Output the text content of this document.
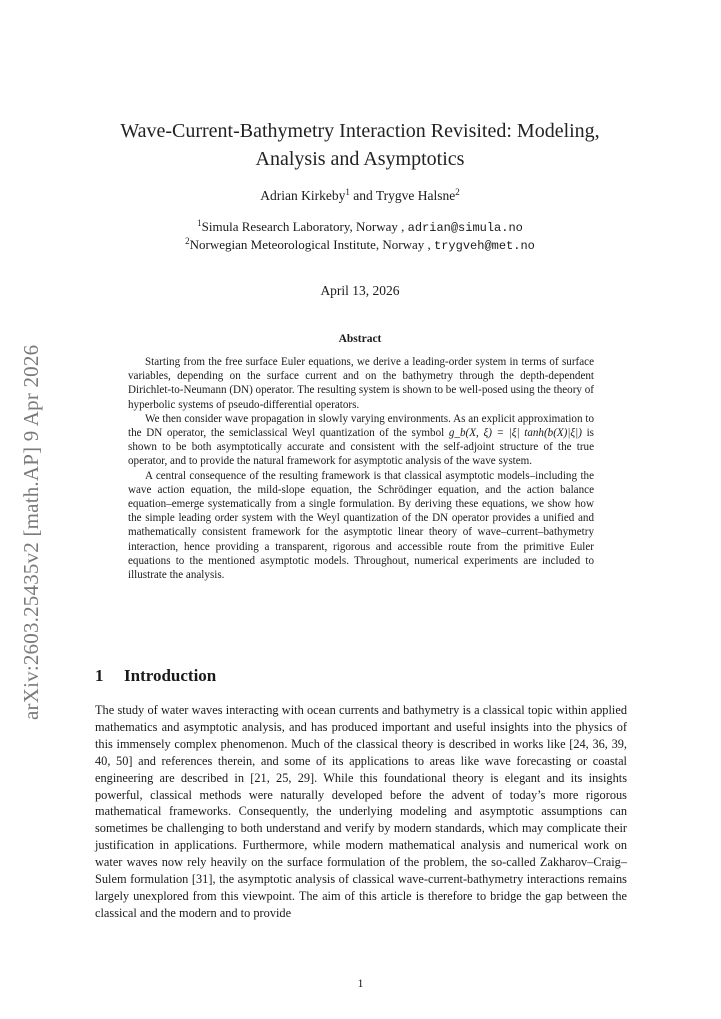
arXiv:2603.25435v2 [math.AP] 9 Apr 2026
Wave-Current-Bathymetry Interaction Revisited: Modeling,
Analysis and Asymptotics
Adrian Kirkeby$^1$ and Trygve Halsne$^2$
$^1$Simula Research Laboratory, Norway , adrian@simula.no
$^2$Norwegian Meteorological Institute, Norway , trygveh@met.no
April 13, 2026
Abstract

Starting from the free surface Euler equations, we derive a leading-order system in terms of surface variables, depending on the surface current and on the bathymetry through the depth-dependent Dirichlet-to-Neumann (DN) operator. The resulting system is shown to be well-posed using the theory of hyperbolic systems of pseudo-differential operators.

We then consider wave propagation in slowly varying environments. As an explicit approximation to the DN operator, the semiclassical Weyl quantization of the symbol g_b(X, ξ) = |ξ| tanh(b(X)|ξ|) is shown to be both asymptotically accurate and consistent with the self-adjoint structure of the true operator, and to provide the natural framework for asymptotic analysis of the wave system.

A central consequence of the resulting framework is that classical asymptotic models–including the wave action equation, the mild-slope equation, the Schrödinger equation, and the action balance equation–emerge systematically from a single formulation. By deriving these equations, we show how the simple leading order system with the Weyl quantization of the DN operator provides a unified and mathematically consistent framework for the asymptotic linear theory of wave–current–bathymetry interaction, hence providing a transparent, rigorous and accessible route from the primitive Euler equations to the mentioned asymptotic models. Throughout, numerical experiments are included to illustrate the analysis.

1 Introduction

The study of water waves interacting with ocean currents and bathymetry is a classical topic within applied mathematics and asymptotic analysis, and has produced important and useful insights into the physics of this immensely complex phenomenon. Much of the classical theory is described in works like [24, 36, 39, 40, 50] and references therein, and some of its applications to areas like wave forecasting or coastal engineering are described in [21, 25, 29]. While this foundational theory is elegant and its insights powerful, classical methods were naturally developed before the advent of today’s more rigorous mathematical frameworks. Consequently, the underlying modeling and asymptotic assumptions can sometimes be challenging to both understand and verify by modern standards, which may complicate their justification in applications. Furthermore, while modern mathematical analysis and numerical work on water waves now rely heavily on the surface formulation of the problem, the so-called Zakharov–Craig–Sulem formulation [31], the asymptotic analysis of classical wave-current-bathymetry interactions remains largely unexplored from this viewpoint. The aim of this article is therefore to bridge the gap between the classical and the modern and to provide

1
